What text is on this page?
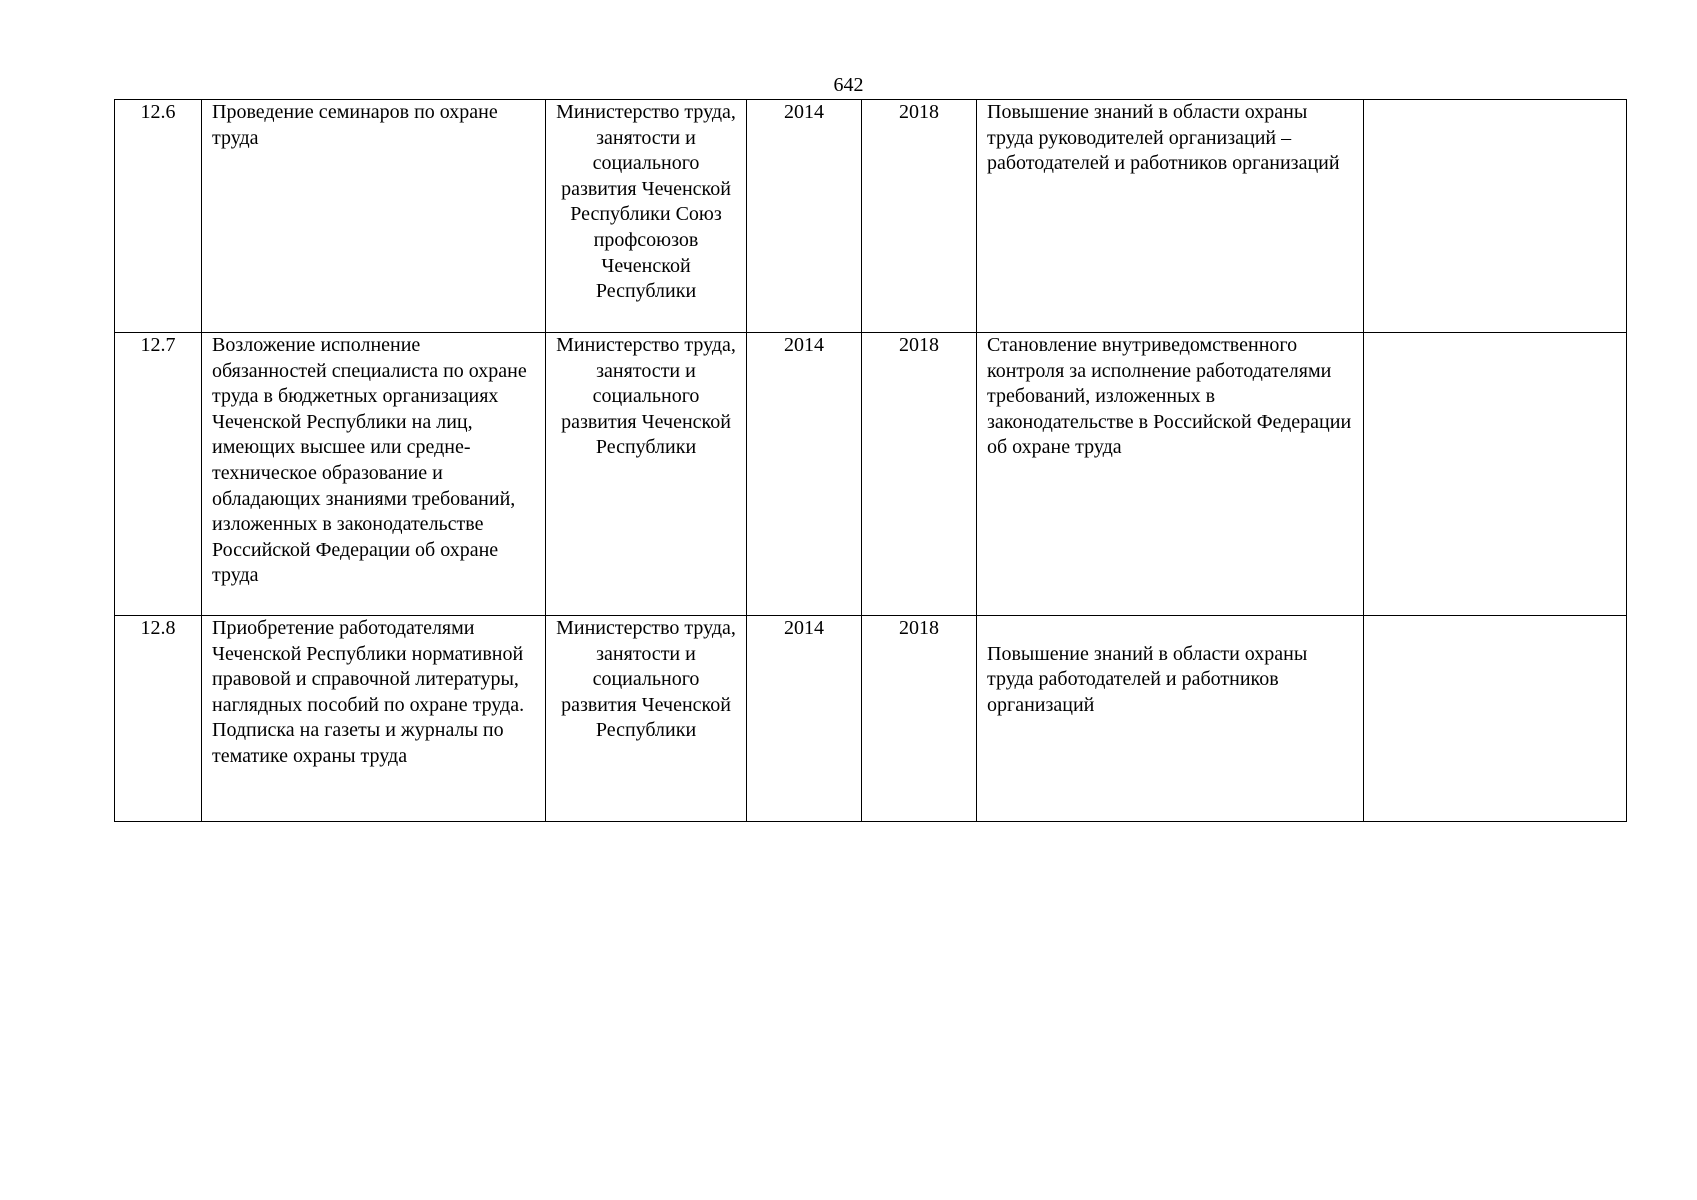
642
12.6	Проведение семинаров по охране труда	Министерство труда, занятости и социального развития Чеченской Республики Союз профсоюзов Чеченской Республики	2014	2018	Повышение знаний в области охраны труда руководителей организаций – работодателей и работников организаций	

12.7	Возложение исполнение обязанностей специалиста по охране труда в бюджетных организациях Чеченской Республики на лиц, имеющих высшее или средне-техническое образование и обладающих знаниями требований, изложенных в законодательстве Российской Федерации об охране труда	Министерство труда, занятости и социального развития Чеченской Республики	2014	2018	Становление внутриведомственного контроля за исполнение работодателями требований, изложенных в законодательстве в Российской Федерации об охране труда	

12.8	Приобретение работодателями Чеченской Республики нормативной правовой и справочной литературы, наглядных пособий по охране труда. Подписка на газеты и журналы по тематике охраны труда	Министерство труда, занятости и социального развития Чеченской Республики	2014	2018	Повышение знаний в области охраны труда работодателей и работников организаций	
